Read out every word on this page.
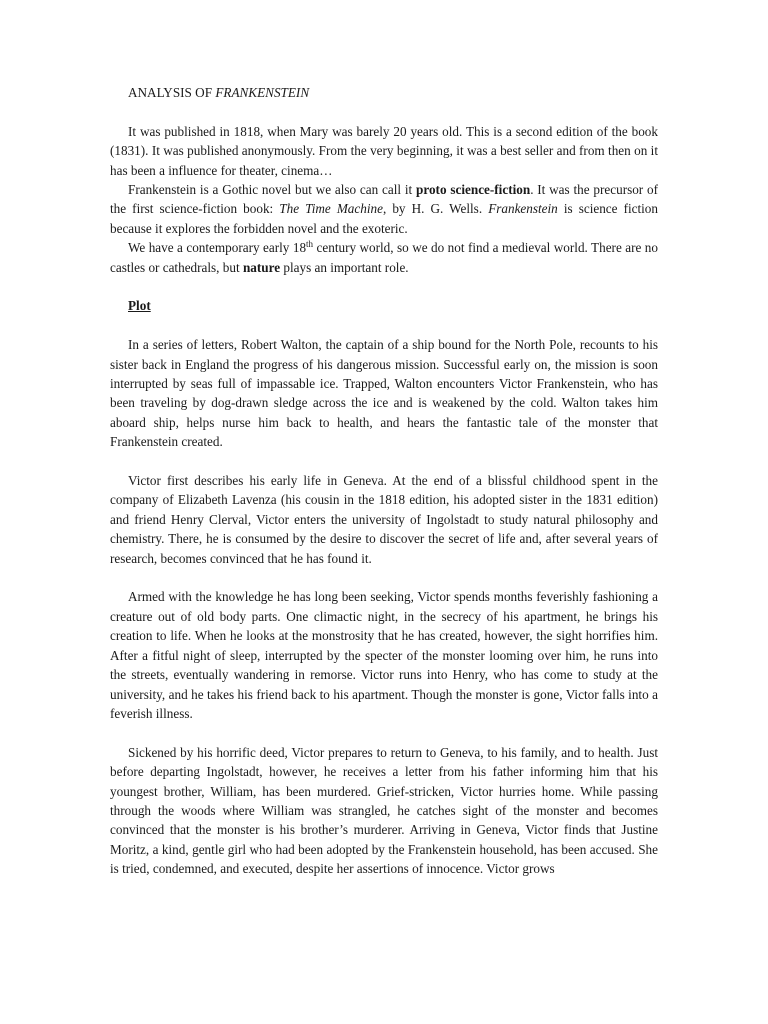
ANALYSIS OF FRANKENSTEIN

It was published in 1818, when Mary was barely 20 years old. This is a second edition of the book (1831). It was published anonymously. From the very beginning, it was a best seller and from then on it has been a influence for theater, cinema…

Frankenstein is a Gothic novel but we also can call it proto science-fiction. It was the precursor of the first science-fiction book: The Time Machine, by H. G. Wells. Frankenstein is science fiction because it explores the forbidden novel and the exoteric.

We have a contemporary early 18th century world, so we do not find a medieval world. There are no castles or cathedrals, but nature plays an important role.

Plot

In a series of letters, Robert Walton, the captain of a ship bound for the North Pole, recounts to his sister back in England the progress of his dangerous mission. Successful early on, the mission is soon interrupted by seas full of impassable ice. Trapped, Walton encounters Victor Frankenstein, who has been traveling by dog-drawn sledge across the ice and is weakened by the cold. Walton takes him aboard ship, helps nurse him back to health, and hears the fantastic tale of the monster that Frankenstein created.

Victor first describes his early life in Geneva. At the end of a blissful childhood spent in the company of Elizabeth Lavenza (his cousin in the 1818 edition, his adopted sister in the 1831 edition) and friend Henry Clerval, Victor enters the university of Ingolstadt to study natural philosophy and chemistry. There, he is consumed by the desire to discover the secret of life and, after several years of research, becomes convinced that he has found it.

Armed with the knowledge he has long been seeking, Victor spends months feverishly fashioning a creature out of old body parts. One climactic night, in the secrecy of his apartment, he brings his creation to life. When he looks at the monstrosity that he has created, however, the sight horrifies him. After a fitful night of sleep, interrupted by the specter of the monster looming over him, he runs into the streets, eventually wandering in remorse. Victor runs into Henry, who has come to study at the university, and he takes his friend back to his apartment. Though the monster is gone, Victor falls into a feverish illness.

Sickened by his horrific deed, Victor prepares to return to Geneva, to his family, and to health. Just before departing Ingolstadt, however, he receives a letter from his father informing him that his youngest brother, William, has been murdered. Grief-stricken, Victor hurries home. While passing through the woods where William was strangled, he catches sight of the monster and becomes convinced that the monster is his brother’s murderer. Arriving in Geneva, Victor finds that Justine Moritz, a kind, gentle girl who had been adopted by the Frankenstein household, has been accused. She is tried, condemned, and executed, despite her assertions of innocence. Victor grows
